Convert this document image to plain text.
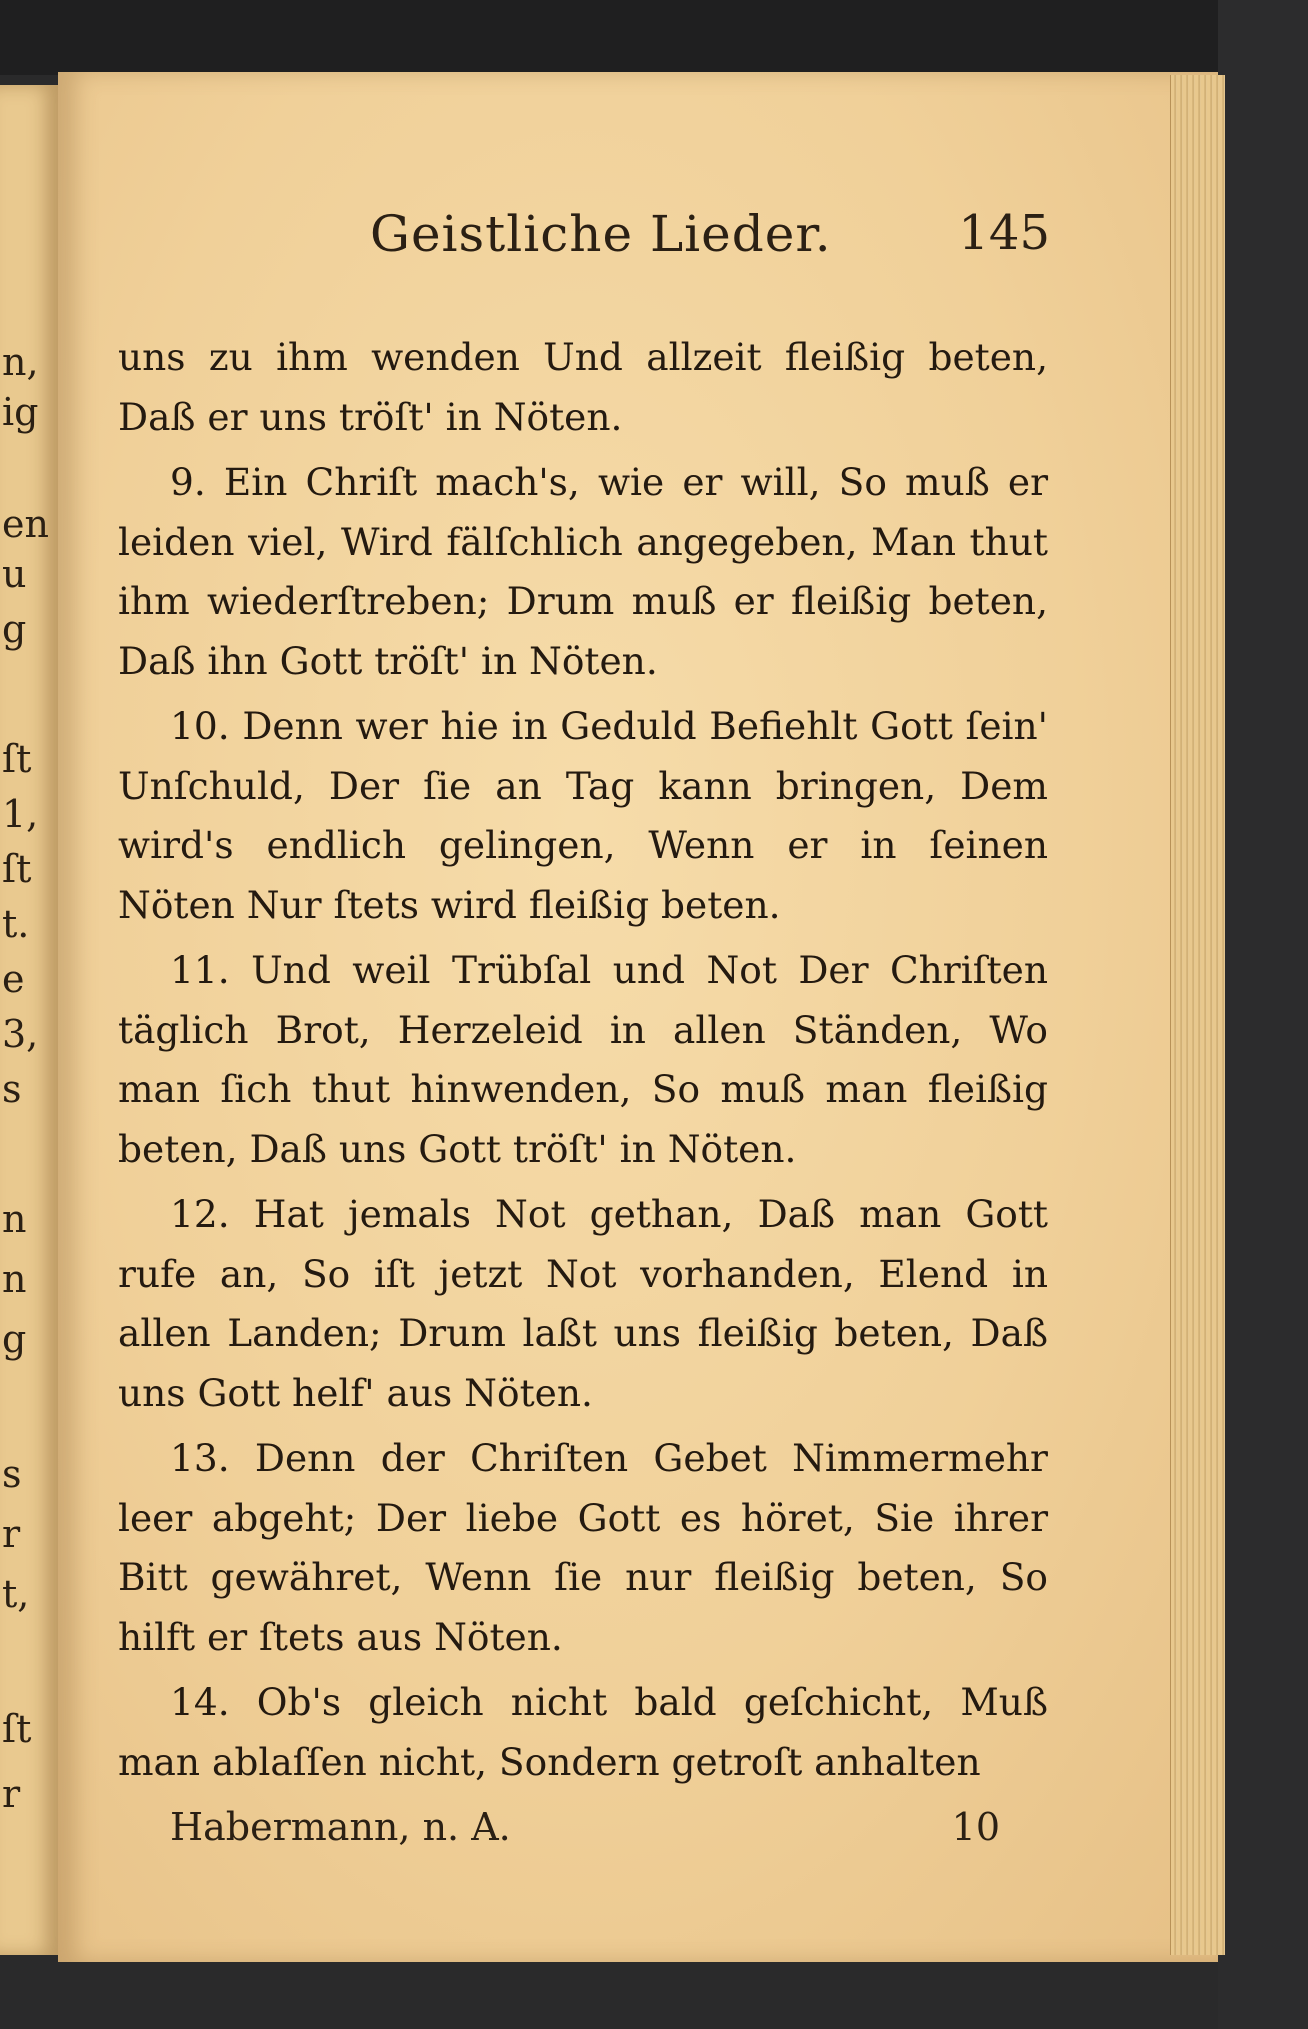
n,
ig
en
u
g
ſt
1,
ſt
t.
e
3,
s
n
n
g
s
r
t,
ſt
r
Geistliche Lieder.	145

uns zu ihm wenden Und allzeit fleißig beten, Daß er uns tröſt' in Nöten.

9. Ein Chriſt mach's, wie er will, So muß er leiden viel, Wird fälſchlich angegeben, Man thut ihm wiederſtreben; Drum muß er fleißig beten, Daß ihn Gott tröſt' in Nöten.

10. Denn wer hie in Geduld Befiehlt Gott ſein' Unſchuld, Der ſie an Tag kann bringen, Dem wird's endlich gelingen, Wenn er in ſeinen Nöten Nur ſtets wird fleißig beten.

11. Und weil Trübſal und Not Der Chriſten täglich Brot, Herzeleid in allen Ständen, Wo man ſich thut hinwenden, So muß man fleißig beten, Daß uns Gott tröſt' in Nöten.

12. Hat jemals Not gethan, Daß man Gott rufe an, So iſt jetzt Not vorhanden, Elend in allen Landen; Drum laßt uns fleißig beten, Daß uns Gott helf' aus Nöten.

13. Denn der Chriſten Gebet Nimmermehr leer abgeht; Der liebe Gott es höret, Sie ihrer Bitt gewähret, Wenn ſie nur fleißig beten, So hilft er ſtets aus Nöten.

14. Ob's gleich nicht bald geſchicht, Muß man ablaſſen nicht, Sondern getroſt anhalten

Habermann, n. A.	10
